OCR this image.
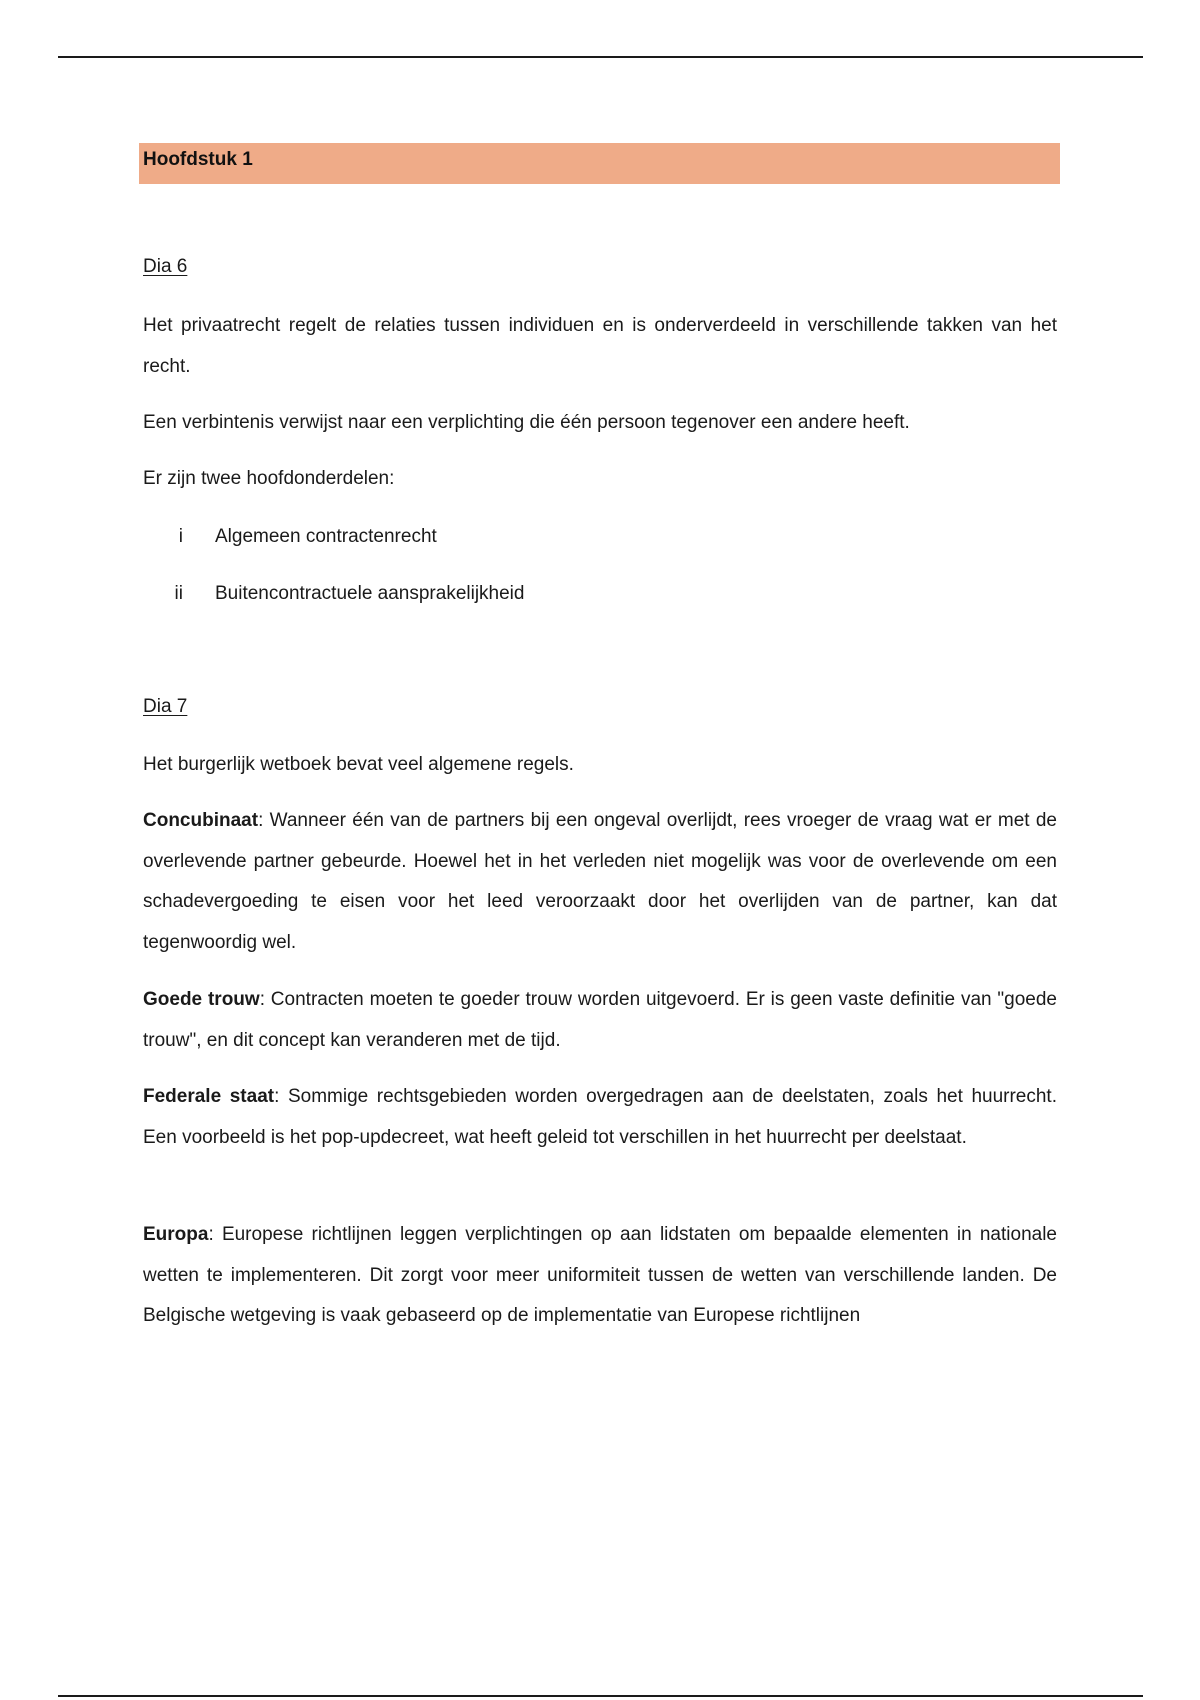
Hoofdstuk 1
Dia 6

Het privaatrecht regelt de relaties tussen individuen en is onderverdeeld in verschillende takken van het recht.

Een verbintenis verwijst naar een verplichting die één persoon tegenover een andere heeft.

Er zijn twee hoofdonderdelen:

i Algemeen contractenrecht
ii Buitencontractuele aansprakelijkheid
Dia 7

Het burgerlijk wetboek bevat veel algemene regels.

Concubinaat: Wanneer één van de partners bij een ongeval overlijdt, rees vroeger de vraag wat er met de overlevende partner gebeurde. Hoewel het in het verleden niet mogelijk was voor de overlevende om een schadevergoeding te eisen voor het leed veroorzaakt door het overlijden van de partner, kan dat tegenwoordig wel.

Goede trouw: Contracten moeten te goeder trouw worden uitgevoerd. Er is geen vaste definitie van "goede trouw", en dit concept kan veranderen met de tijd.

Federale staat: Sommige rechtsgebieden worden overgedragen aan de deelstaten, zoals het huurrecht. Een voorbeeld is het pop-updecreet, wat heeft geleid tot verschillen in het huurrecht per deelstaat.

Europa: Europese richtlijnen leggen verplichtingen op aan lidstaten om bepaalde elementen in nationale wetten te implementeren. Dit zorgt voor meer uniformiteit tussen de wetten van verschillende landen. De Belgische wetgeving is vaak gebaseerd op de implementatie van Europese richtlijnen
